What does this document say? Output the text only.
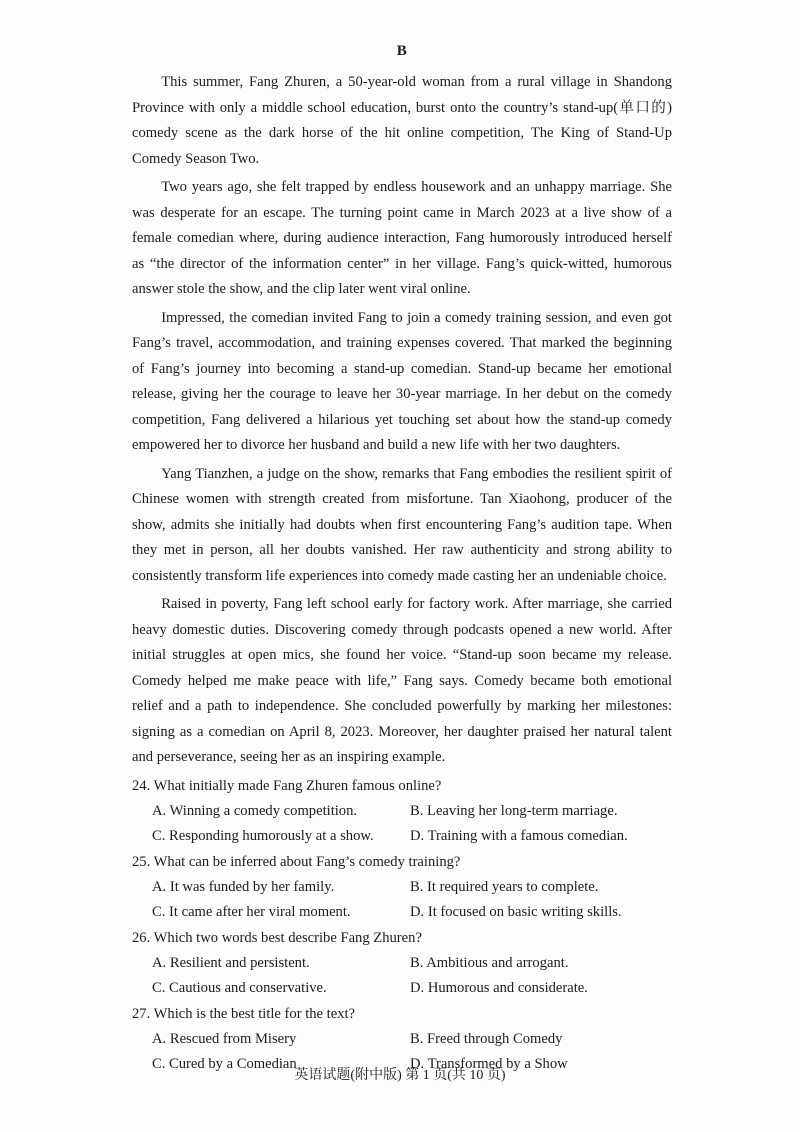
B

This summer, Fang Zhuren, a 50-year-old woman from a rural village in Shandong Province with only a middle school education, burst onto the country’s stand-up(单口的) comedy scene as the dark horse of the hit online competition, The King of Stand-Up Comedy Season Two.

Two years ago, she felt trapped by endless housework and an unhappy marriage. She was desperate for an escape. The turning point came in March 2023 at a live show of a female comedian where, during audience interaction, Fang humorously introduced herself as “the director of the information center” in her village. Fang’s quick-witted, humorous answer stole the show, and the clip later went viral online.

Impressed, the comedian invited Fang to join a comedy training session, and even got Fang’s travel, accommodation, and training expenses covered. That marked the beginning of Fang’s journey into becoming a stand-up comedian. Stand-up became her emotional release, giving her the courage to leave her 30-year marriage. In her debut on the comedy competition, Fang delivered a hilarious yet touching set about how the stand-up comedy empowered her to divorce her husband and build a new life with her two daughters.

Yang Tianzhen, a judge on the show, remarks that Fang embodies the resilient spirit of Chinese women with strength created from misfortune. Tan Xiaohong, producer of the show, admits she initially had doubts when first encountering Fang’s audition tape. When they met in person, all her doubts vanished. Her raw authenticity and strong ability to consistently transform life experiences into comedy made casting her an undeniable choice.

Raised in poverty, Fang left school early for factory work. After marriage, she carried heavy domestic duties. Discovering comedy through podcasts opened a new world. After initial struggles at open mics, she found her voice. “Stand-up soon became my release. Comedy helped me make peace with life,” Fang says. Comedy became both emotional relief and a path to independence. She concluded powerfully by marking her milestones: signing as a comedian on April 8, 2023. Moreover, her daughter praised her natural talent and perseverance, seeing her as an inspiring example.

24. What initially made Fang Zhuren famous online?

A. Winning a comedy competition.	B. Leaving her long-term marriage.
C. Responding humorously at a show.	D. Training with a famous comedian.

25. What can be inferred about Fang’s comedy training?

A. It was funded by her family.	B. It required years to complete.
C. It came after her viral moment.	D. It focused on basic writing skills.

26. Which two words best describe Fang Zhuren?

A. Resilient and persistent.	B. Ambitious and arrogant.
C. Cautious and conservative.	D. Humorous and considerate.

27. Which is the best title for the text?

A. Rescued from Misery	B. Freed through Comedy
C. Cured by a Comedian	D. Transformed by a Show
英语试题(附中版) 第 1 页(共 10 页)
